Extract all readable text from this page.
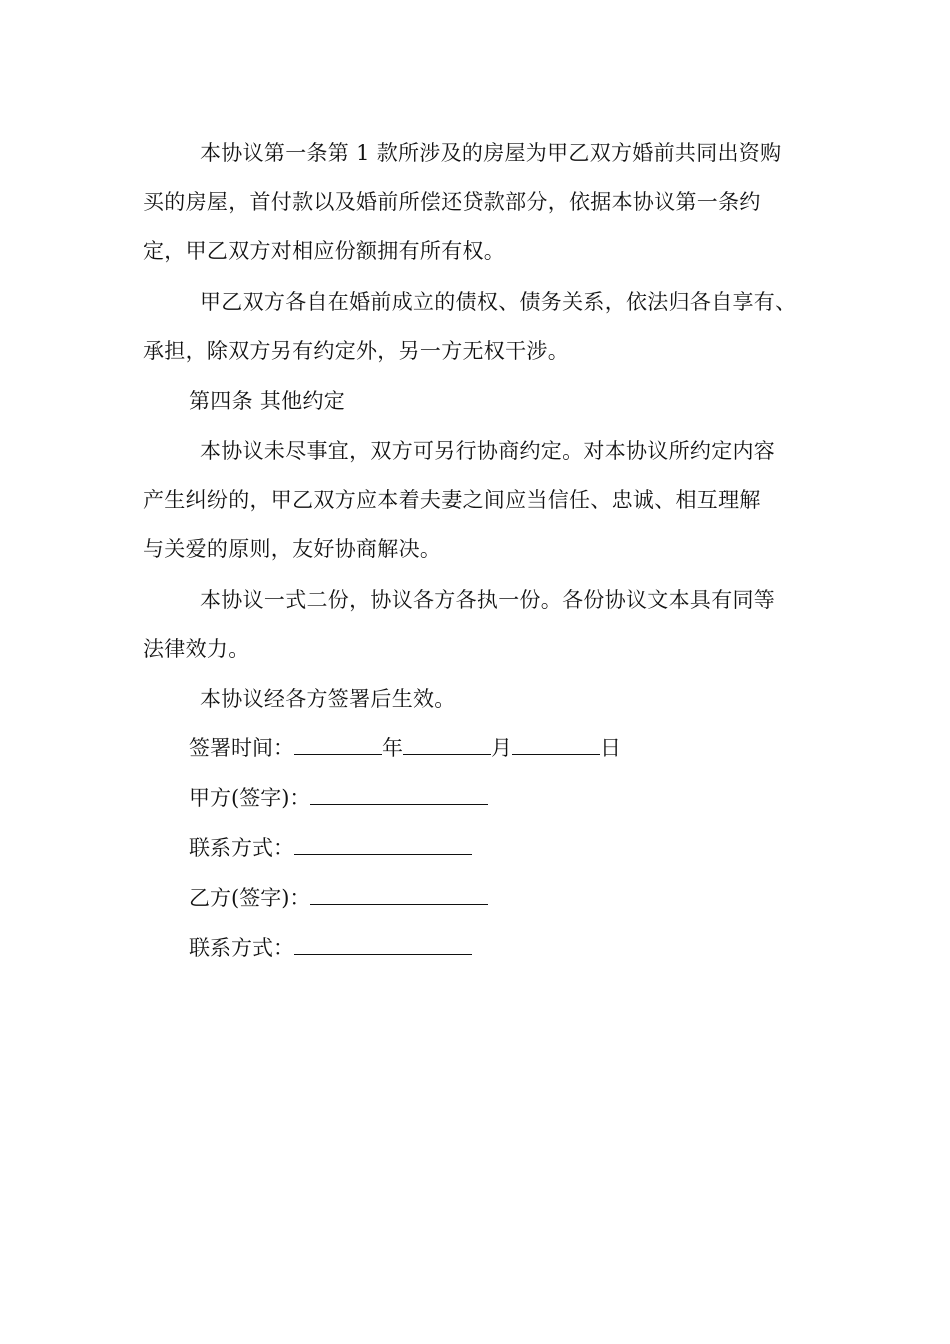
本协议第一条第 1 款所涉及的房屋为甲乙双方婚前共同出资购
买的房屋，首付款以及婚前所偿还贷款部分，依据本协议第一条约
定，甲乙双方对相应份额拥有所有权。
甲乙双方各自在婚前成立的债权、债务关系，依法归各自享有、
承担，除双方另有约定外，另一方无权干涉。
第四条 其他约定
本协议未尽事宜，双方可另行协商约定。对本协议所约定内容
产生纠纷的，甲乙双方应本着夫妻之间应当信任、忠诚、相互理解
与关爱的原则，友好协商解决。
本协议一式二份，协议各方各执一份。各份协议文本具有同等
法律效力。
本协议经各方签署后生效。
签署时间：	年	月	日
甲方(签字)：
联系方式：
乙方(签字)：
联系方式：
